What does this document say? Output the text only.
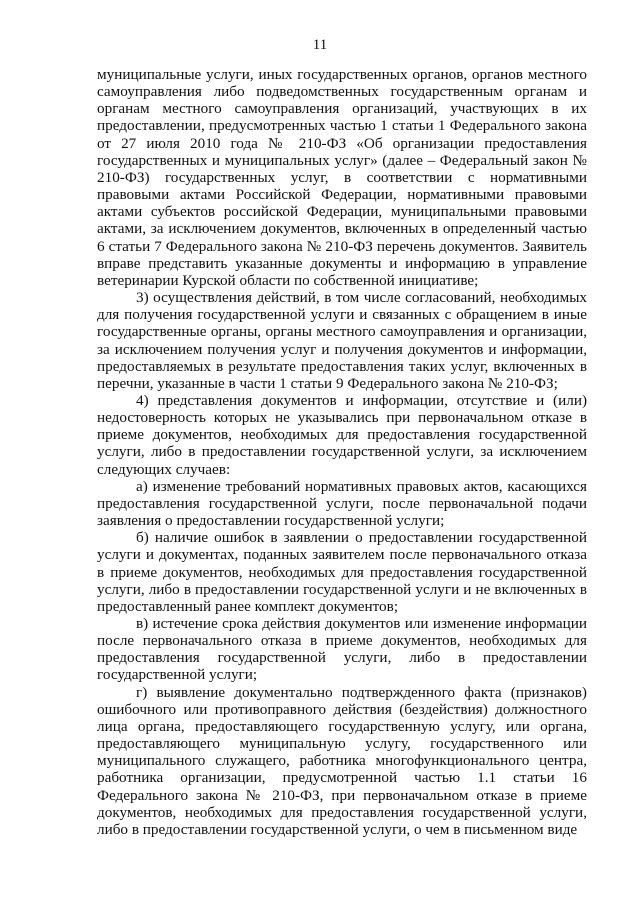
11

муниципальные услуги, иных государственных органов, органов местного самоуправления либо подведомственных государственным органам и органам местного самоуправления организаций, участвующих в их предоставлении, предусмотренных частью 1 статьи 1 Федерального закона от 27 июля 2010 года № 210-ФЗ «Об организации предоставления государственных и муниципальных услуг» (далее – Федеральный закон № 210-ФЗ) государственных услуг, в соответствии с нормативными правовыми актами Российской Федерации, нормативными правовыми актами субъектов российской Федерации, муниципальными правовыми актами, за исключением документов, включенных в определенный частью 6 статьи 7 Федерального закона № 210-ФЗ перечень документов. Заявитель вправе представить указанные документы и информацию в управление ветеринарии Курской области по собственной инициативе;

3) осуществления действий, в том числе согласований, необходимых для получения государственной услуги и связанных с обращением в иные государственные органы, органы местного самоуправления и организации, за исключением получения услуг и получения документов и информации, предоставляемых в результате предоставления таких услуг, включенных в перечни, указанные в части 1 статьи 9 Федерального закона № 210-ФЗ;

4) представления документов и информации, отсутствие и (или) недостоверность которых не указывались при первоначальном отказе в приеме документов, необходимых для предоставления государственной услуги, либо в предоставлении государственной услуги, за исключением следующих случаев:

а) изменение требований нормативных правовых актов, касающихся предоставления государственной услуги, после первоначальной подачи заявления о предоставлении государственной услуги;

б) наличие ошибок в заявлении о предоставлении государственной услуги и документах, поданных заявителем после первоначального отказа в приеме документов, необходимых для предоставления государственной услуги, либо в предоставлении государственной услуги и не включенных в предоставленный ранее комплект документов;

в) истечение срока действия документов или изменение информации после первоначального отказа в приеме документов, необходимых для предоставления государственной услуги, либо в предоставлении государственной услуги;

г) выявление документально подтвержденного факта (признаков) ошибочного или противоправного действия (бездействия) должностного лица органа, предоставляющего государственную услугу, или органа, предоставляющего муниципальную услугу, государственного или муниципального служащего, работника многофункционального центра, работника организации, предусмотренной частью 1.1 статьи 16 Федерального закона № 210-ФЗ, при первоначальном отказе в приеме документов, необходимых для предоставления государственной услуги, либо в предоставлении государственной услуги, о чем в письменном виде
